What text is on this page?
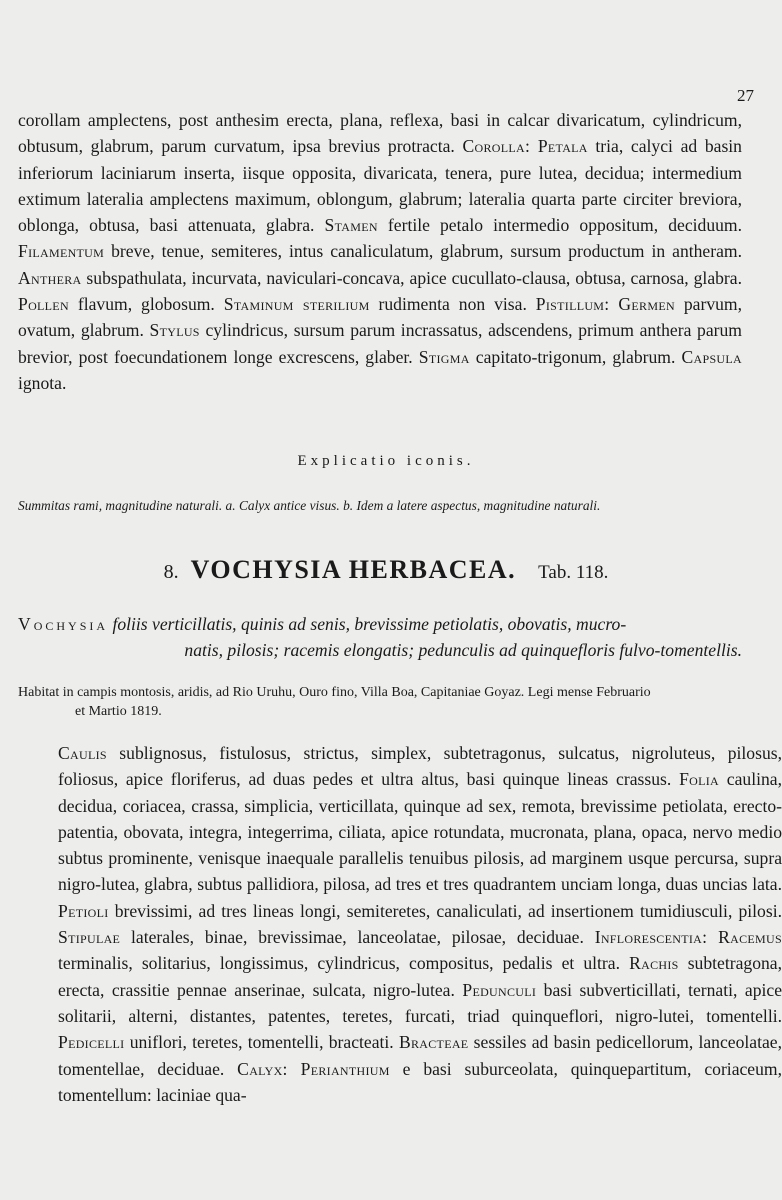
27

corollam amplectens, post anthesim erecta, plana, reflexa, basi in calcar divaricatum, cylindricum, obtusum, glabrum, parum curvatum, ipsa brevius protracta. Corolla: Petala tria, calyci ad basin inferiorum laciniarum inserta, iisque opposita, divaricata, tenera, pure lutea, decidua; intermedium extimum lateralia amplectens maximum, oblongum, glabrum; lateralia quarta parte circiter breviora, oblonga, obtusa, basi attenuata, glabra. Stamen fertile petalo intermedio oppositum, deciduum. Filamentum breve, tenue, semiteres, intus canaliculatum, glabrum, sursum productum in antheram. Anthera subspathulata, incurvata, naviculari-concava, apice cucullato-clausa, obtusa, carnosa, glabra. Pollen flavum, globosum. Staminum sterilium rudimenta non visa. Pistillum: Germen parvum, ovatum, glabrum. Stylus cylindricus, sursum parum incrassatus, adscendens, primum anthera parum brevior, post foecundationem longe excrescens, glaber. Stigma capitato-trigonum, glabrum. Capsula ignota.

Explicatio iconis.
Summitas rami, magnitudine naturali. a. Calyx antice visus. b. Idem a latere aspectus, magnitudine naturali.
8. VOCHYSIA HERBACEA. Tab. 118.
Vochysia foliis verticillatis, quinis ad senis, brevissime petiolatis, obovatis, mucro-
natis, pilosis; racemis elongatis; pedunculis ad quinquefloris fulvo-tomentellis.
Habitat in campis montosis, aridis, ad Rio Uruhu, Ouro fino, Villa Boa, Capitaniae Goyaz. Legi mense Februario
et Martio 1819.

Caulis sublignosus, fistulosus, strictus, simplex, subtetragonus, sulcatus, nigroluteus, pilosus, foliosus, apice floriferus, ad duas pedes et ultra altus, basi quinque lineas crassus. Folia caulina, decidua, coriacea, crassa, simplicia, verticillata, quinque ad sex, remota, brevissime petiolata, erecto-patentia, obovata, integra, integerrima, ciliata, apice rotundata, mucronata, plana, opaca, nervo medio subtus prominente, venisque inaequale parallelis tenuibus pilosis, ad marginem usque percursa, supra nigro-lutea, glabra, subtus pallidiora, pilosa, ad tres et tres quadrantem unciam longa, duas uncias lata. Petioli brevissimi, ad tres lineas longi, semiteretes, canaliculati, ad insertionem tumidiusculi, pilosi. Stipulae laterales, binae, brevissimae, lanceolatae, pilosae, deciduae. Inflorescentia: Racemus terminalis, solitarius, longissimus, cylindricus, compositus, pedalis et ultra. Rachis subtetragona, erecta, crassitie pennae anserinae, sulcata, nigro-lutea. Pedunculi basi subverticillati, ternati, apice solitarii, alterni, distantes, patentes, teretes, furcati, triad quinqueflori, nigro-lutei, tomentelli. Pedicelli uniflori, teretes, tomentelli, bracteati. Bracteae sessiles ad basin pedicellorum, lanceolatae, tomentellae, deciduae. Calyx: Perianthium e basi suburceolata, quinquepartitum, coriaceum, tomentellum: laciniae qua-
